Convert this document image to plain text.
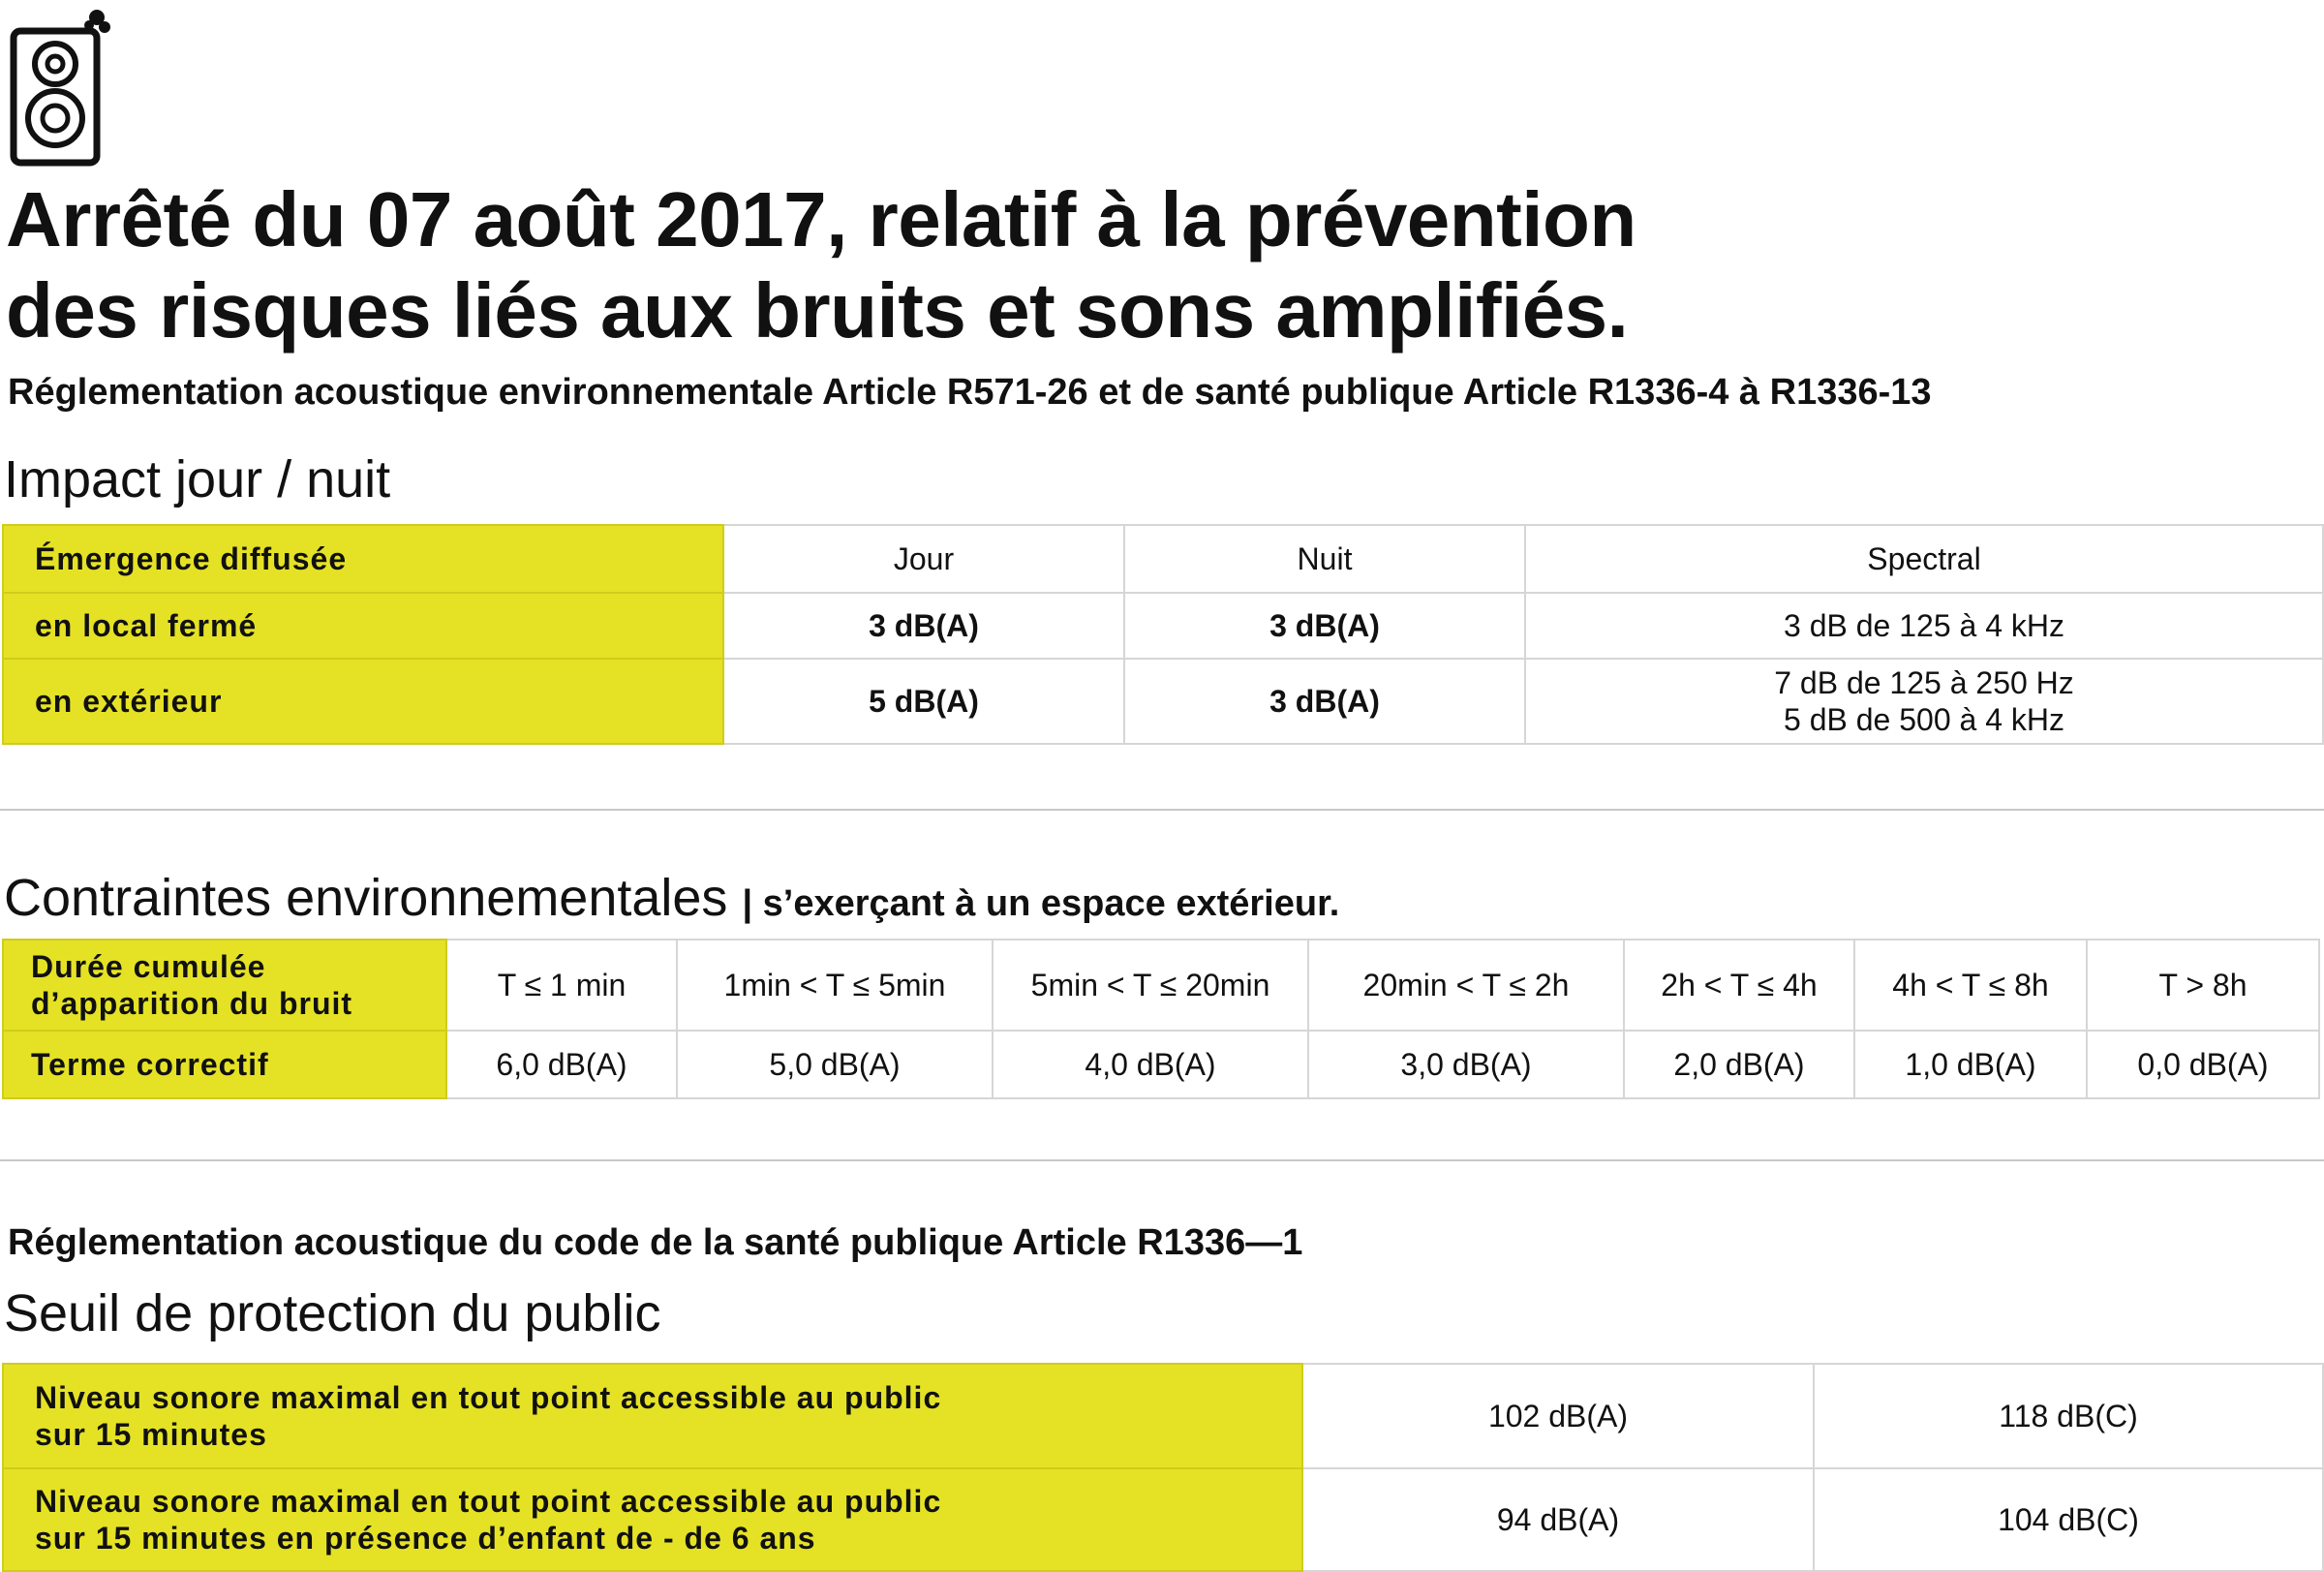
Arrêté du 07 août 2017, relatif à la prévention
des risques liés aux bruits et sons amplifiés.
Réglementation acoustique environnementale Article R571-26 et de santé publique Article R1336-4 à R1336-13
Impact jour / nuit
Émergence diffusée	Jour	Nuit	Spectral
en local fermé	3 dB(A)	3 dB(A)	3 dB de 125 à 4 kHz
en extérieur	5 dB(A)	3 dB(A)	7 dB de 125 à 250 Hz
5 dB de 500 à 4 kHz
Contraintes environnementales | s’exerçant à un espace extérieur.
Durée cumulée
d’apparition du bruit	T ≤ 1 min	1min < T ≤ 5min	5min < T ≤ 20min	20min < T ≤ 2h	2h < T ≤ 4h	4h < T ≤ 8h	T > 8h
Terme correctif	6,0 dB(A)	5,0 dB(A)	4,0 dB(A)	3,0 dB(A)	2,0 dB(A)	1,0 dB(A)	0,0 dB(A)
Réglementation acoustique du code de la santé publique Article R1336—1
Seuil de protection du public
Niveau sonore maximal en tout point accessible au public
sur 15 minutes	102 dB(A)	118 dB(C)

Niveau sonore maximal en tout point accessible au public
sur 15 minutes en présence d’enfant de - de 6 ans	94 dB(A)	104 dB(C)
